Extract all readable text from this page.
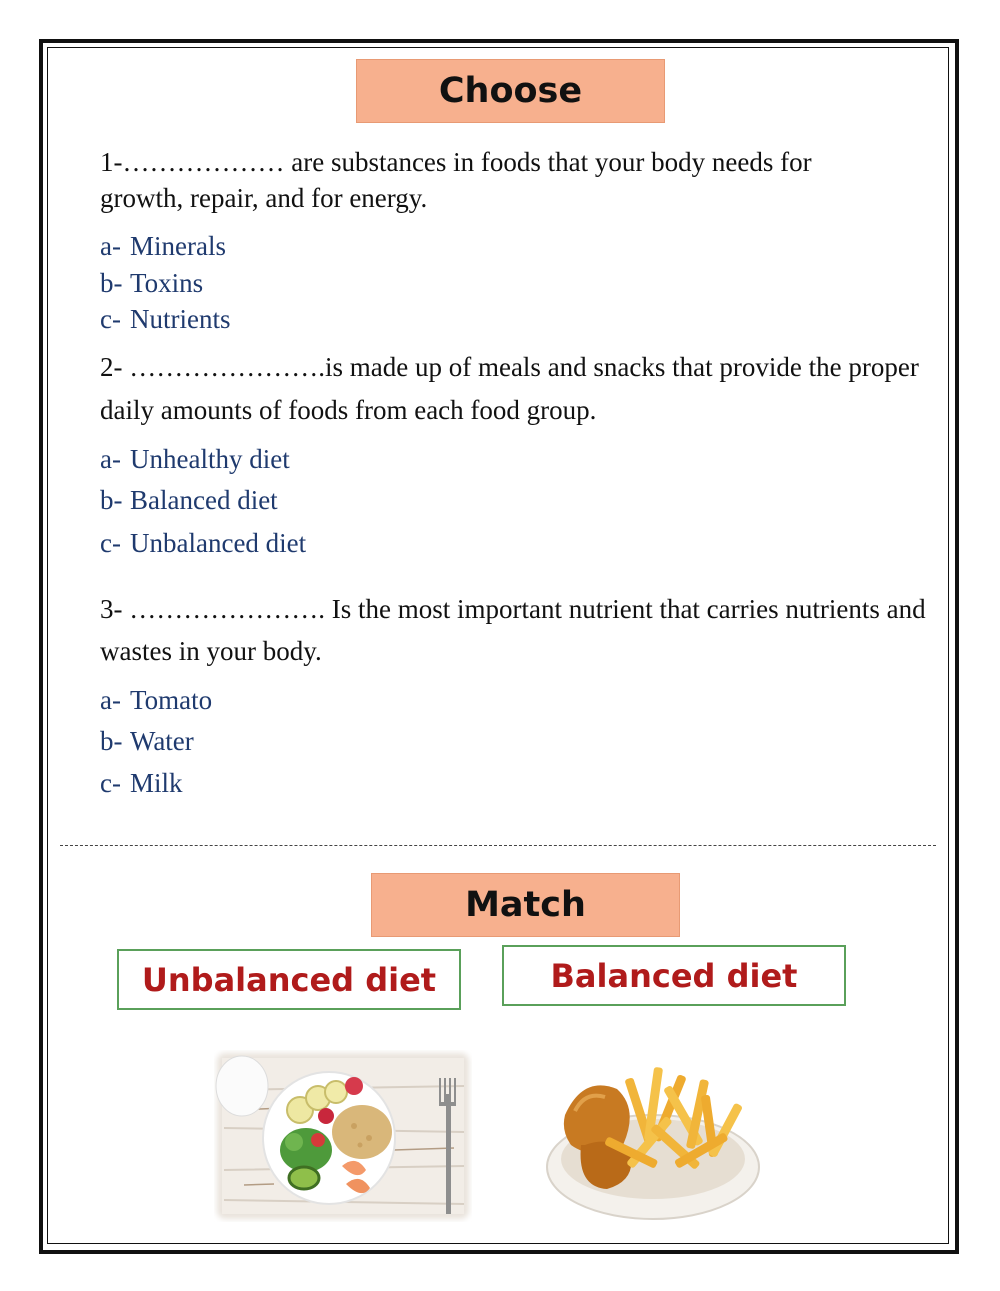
Choose
1-……………… are substances in foods that your body needs for growth, repair, and for energy.
a- Minerals
b- Toxins
c- Nutrients
2- ………………….is made up of meals and snacks that provide the proper daily amounts of foods from each food group.
a- Unhealthy diet
b- Balanced diet
c- Unbalanced diet
3- …………………. Is the most important nutrient that carries nutrients and wastes in your body.
a- Tomato
b- Water
c- Milk
Match
Unbalanced diet	Balanced diet
